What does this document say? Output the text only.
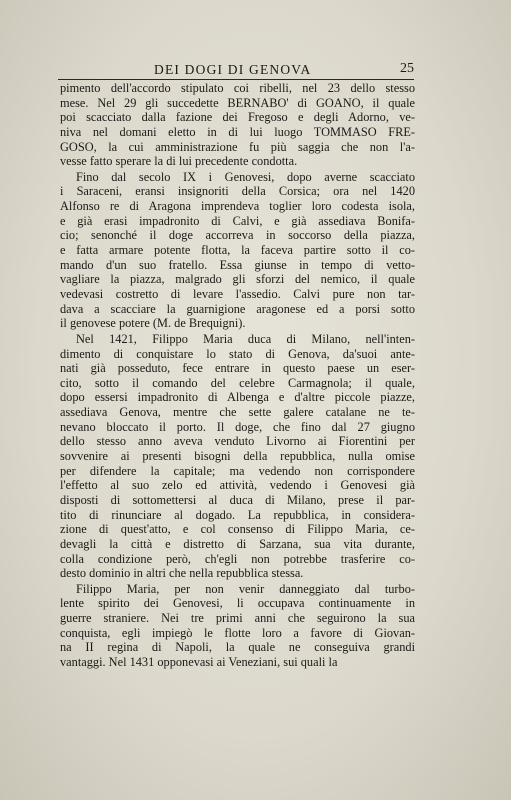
DEI DOGI DI GENOVA	25
pimento dell'accordo stipulato coi ribelli, nel 23 dello stesso
mese. Nel 29 gli succedette BERNABO' di GOANO, il quale
poi scacciato dalla fazione dei Fregoso e degli Adorno, ve-
niva nel domani eletto in di lui luogo TOMMASO FRE-
GOSO, la cui amministrazione fu più saggia che non l'a-
vesse fatto sperare la di lui precedente condotta.
Fino dal secolo IX i Genovesi, dopo averne scacciato
i Saraceni, eransi insignoriti della Corsica; ora nel 1420
Alfonso re di Aragona imprendeva toglier loro codesta isola,
e già erasi impadronito di Calvi, e già assediava Bonifa-
cio; senonché il doge accorreva in soccorso della piazza,
e fatta armare potente flotta, la faceva partire sotto il co-
mando d'un suo fratello. Essa giunse in tempo di vetto-
vagliare la piazza, malgrado gli sforzi del nemico, il quale
vedevasi costretto di levare l'assedio. Calvi pure non tar-
dava a scacciare la guarnigione aragonese ed a porsi sotto
il genovese potere (M. de Brequigni).
Nel 1421, Filippo Maria duca di Milano, nell'inten-
dimento di conquistare lo stato di Genova, da'suoi ante-
nati già posseduto, fece entrare in questo paese un eser-
cito, sotto il comando del celebre Carmagnola; il quale,
dopo essersi impadronito di Albenga e d'altre piccole piazze,
assediava Genova, mentre che sette galere catalane ne te-
nevano bloccato il porto. Il doge, che fino dal 27 giugno
dello stesso anno aveva venduto Livorno ai Fiorentini per
sovvenire ai presenti bisogni della repubblica, nulla omise
per difendere la capitale; ma vedendo non corrispondere
l'effetto al suo zelo ed attività, vedendo i Genovesi già
disposti di sottomettersi al duca di Milano, prese il par-
tito di rinunciare al dogado. La repubblica, in considera-
zione di quest'atto, e col consenso di Filippo Maria, ce-
devagli la città e distretto di Sarzana, sua vita durante,
colla condizione però, ch'egli non potrebbe trasferire co-
desto dominio in altri che nella repubblica stessa.
Filippo Maria, per non venir danneggiato dal turbo-
lente spirito dei Genovesi, li occupava continuamente in
guerre straniere. Nei tre primi anni che seguirono la sua
conquista, egli impiegò le flotte loro a favore di Giovan-
na II regina di Napoli, la quale ne conseguiva grandi
vantaggi. Nel 1431 opponevasi ai Veneziani, sui quali la
